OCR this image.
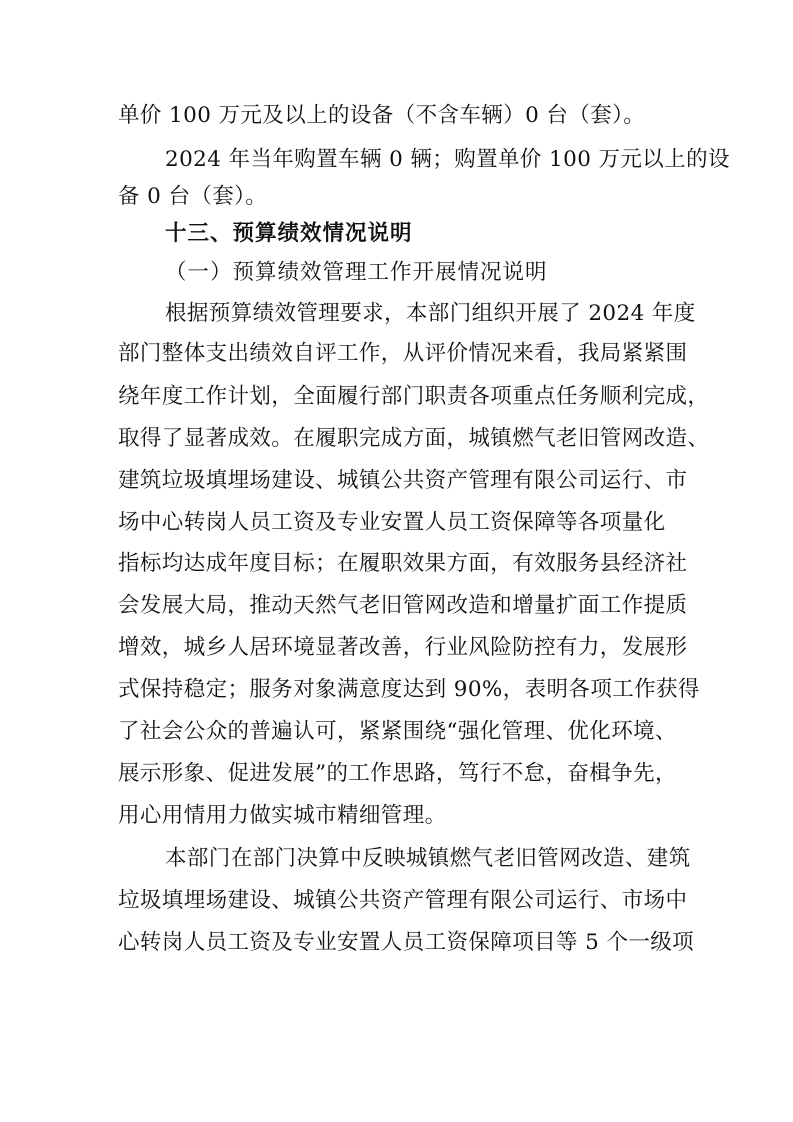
单价 100 万元及以上的设备（不含车辆）0 台（套）。
2024 年当年购置车辆 0 辆；购置单价 100 万元以上的设
备 0 台（套）。
十三、预算绩效情况说明
（一）预算绩效管理工作开展情况说明
根据预算绩效管理要求，本部门组织开展了 2024 年度
部门整体支出绩效自评工作，从评价情况来看，我局紧紧围
绕年度工作计划，全面履行部门职责各项重点任务顺利完成，
取得了显著成效。在履职完成方面，城镇燃气老旧管网改造、
建筑垃圾填埋场建设、城镇公共资产管理有限公司运行、市
场中心转岗人员工资及专业安置人员工资保障等各项量化
指标均达成年度目标；在履职效果方面，有效服务县经济社
会发展大局，推动天然气老旧管网改造和增量扩面工作提质
增效，城乡人居环境显著改善，行业风险防控有力，发展形
式保持稳定；服务对象满意度达到 90%，表明各项工作获得
了社会公众的普遍认可，紧紧围绕“强化管理、优化环境、
展示形象、促进发展”的工作思路，笃行不怠，奋楫争先，
用心用情用力做实城市精细管理。
本部门在部门决算中反映城镇燃气老旧管网改造、建筑
垃圾填埋场建设、城镇公共资产管理有限公司运行、市场中
心转岗人员工资及专业安置人员工资保障项目等 5 个一级项
